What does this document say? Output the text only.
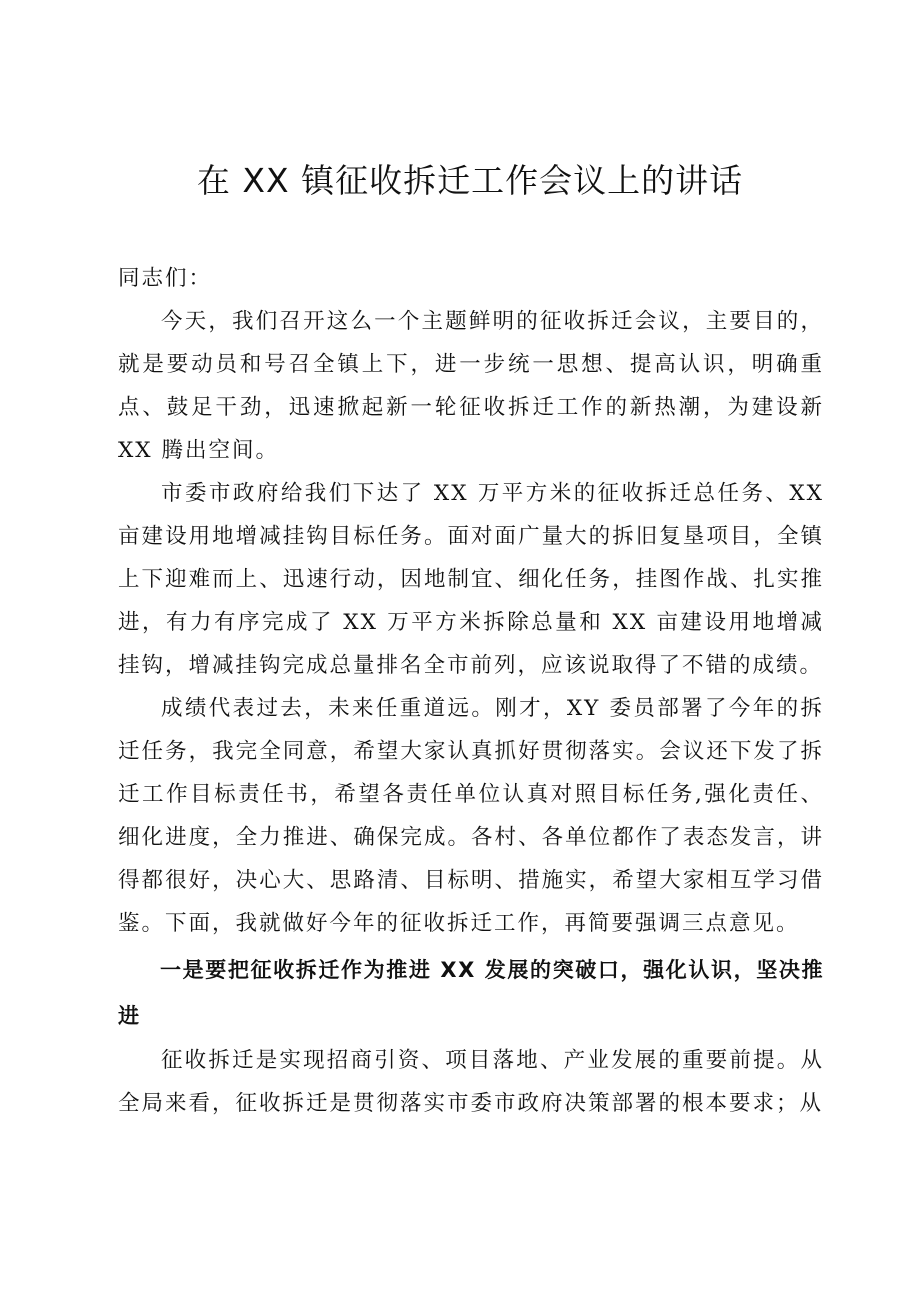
在 XX 镇征收拆迁工作会议上的讲话

同志们：

今天，我们召开这么一个主题鲜明的征收拆迁会议，主要目的，就是要动员和号召全镇上下，进一步统一思想、提高认识，明确重点、鼓足干劲，迅速掀起新一轮征收拆迁工作的新热潮，为建设新 XX 腾出空间。

市委市政府给我们下达了 XX 万平方米的征收拆迁总任务、XX 亩建设用地增减挂钩目标任务。面对面广量大的拆旧复垦项目，全镇上下迎难而上、迅速行动，因地制宜、细化任务，挂图作战、扎实推进，有力有序完成了 XX 万平方米拆除总量和 XX 亩建设用地增减挂钩，增减挂钩完成总量排名全市前列，应该说取得了不错的成绩。

成绩代表过去，未来任重道远。刚才，XY 委员部署了今年的拆迁任务，我完全同意，希望大家认真抓好贯彻落实。会议还下发了拆迁工作目标责任书，希望各责任单位认真对照目标任务,强化责任、细化进度，全力推进、确保完成。各村、各单位都作了表态发言，讲得都很好，决心大、思路清、目标明、措施实，希望大家相互学习借鉴。下面，我就做好今年的征收拆迁工作，再简要强调三点意见。

一是要把征收拆迁作为推进 XX 发展的突破口，强化认识，坚决推进

征收拆迁是实现招商引资、项目落地、产业发展的重要前提。从全局来看，征收拆迁是贯彻落实市委市政府决策部署的根本要求；从
